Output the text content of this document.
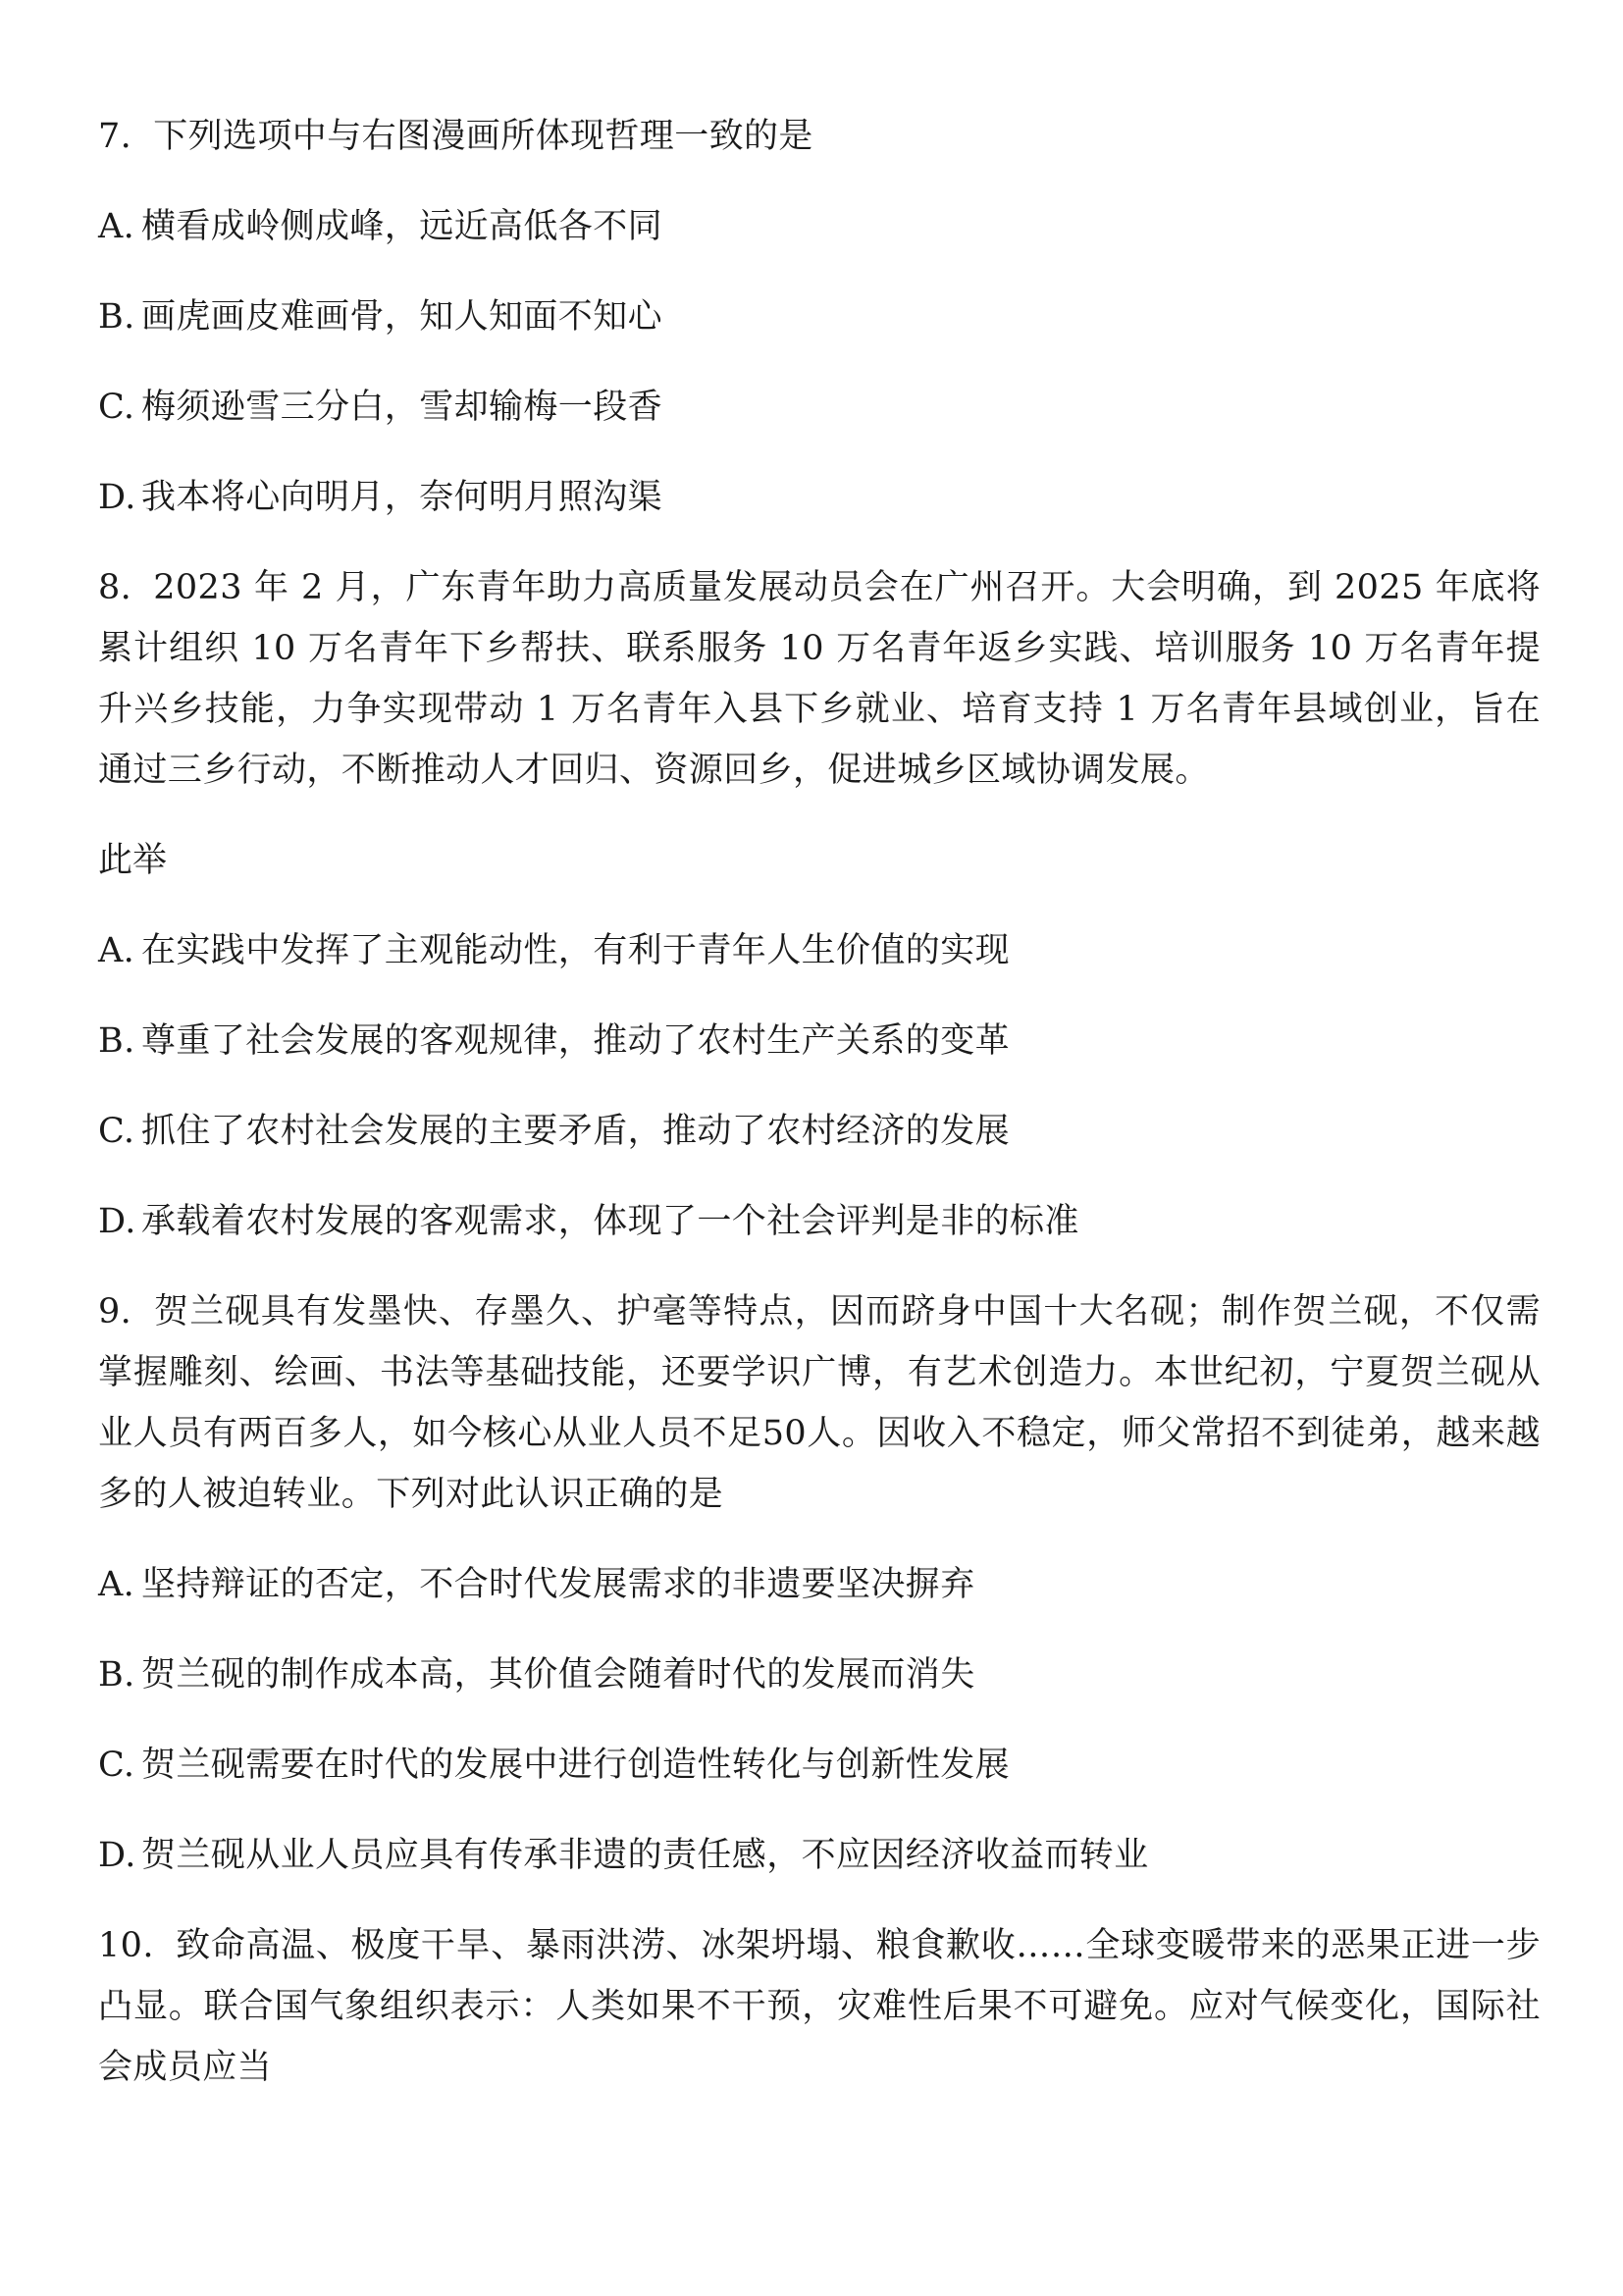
7. 下列选项中与右图漫画所体现哲理一致的是

A. 横看成岭侧成峰，远近高低各不同

B. 画虎画皮难画骨，知人知面不知心

C. 梅须逊雪三分白，雪却输梅一段香

D. 我本将心向明月，奈何明月照沟渠

8. 2023 年 2 月，广东青年助力高质量发展动员会在广州召开。大会明确，到 2025 年底将累计组织 10 万名青年下乡帮扶、联系服务 10 万名青年返乡实践、培训服务 10 万名青年提升兴乡技能，力争实现带动 1 万名青年入县下乡就业、培育支持 1 万名青年县域创业，旨在通过三乡行动，不断推动人才回归、资源回乡，促进城乡区域协调发展。

此举

A. 在实践中发挥了主观能动性，有利于青年人生价值的实现

B. 尊重了社会发展的客观规律，推动了农村生产关系的变革

C. 抓住了农村社会发展的主要矛盾，推动了农村经济的发展

D. 承载着农村发展的客观需求，体现了一个社会评判是非的标准

9. 贺兰砚具有发墨快、存墨久、护毫等特点，因而跻身中国十大名砚；制作贺兰砚，不仅需掌握雕刻、绘画、书法等基础技能，还要学识广博，有艺术创造力。本世纪初，宁夏贺兰砚从业人员有两百多人，如今核心从业人员不足50人。因收入不稳定，师父常招不到徒弟，越来越多的人被迫转业。下列对此认识正确的是

A. 坚持辩证的否定，不合时代发展需求的非遗要坚决摒弃

B. 贺兰砚的制作成本高，其价值会随着时代的发展而消失

C. 贺兰砚需要在时代的发展中进行创造性转化与创新性发展

D. 贺兰砚从业人员应具有传承非遗的责任感，不应因经济收益而转业

10. 致命高温、极度干旱、暴雨洪涝、冰架坍塌、粮食歉收……全球变暖带来的恶果正进一步凸显。联合国气象组织表示：人类如果不干预，灾难性后果不可避免。应对气候变化，国际社会成员应当
